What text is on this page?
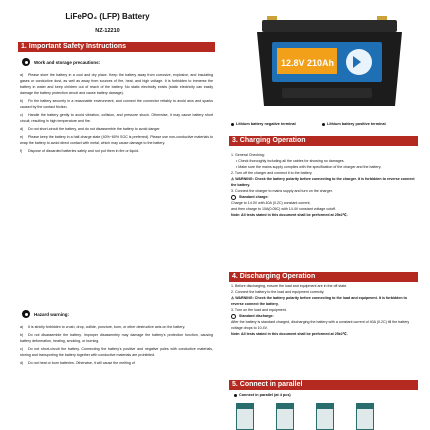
LiFePO₄ (LFP) Battery
NZ-12210
1. Important Safety Instructions
Work and storage precautions:
a) Please store the battery in a cool and dry place. Keep the battery away from corrosive, explosive, and insulating gases or conductive dust, as well as away from sources of fire, heat, and high voltage. It is forbidden to immerse the battery in water and keep children out of reach of the battery. No static electricity exists (static electricity can easily damage the battery protection circuit and cause battery damage).
b) Fix the battery securely in a reasonable environment, and connect the connector reliably to avoid arcs and sparks caused by the contact friction.
c) Handle the battery gently to avoid vibration, collision, and pressure shock. Otherwise, it may cause battery short circuit, resulting in high temperature and fire.
d) Do not short-circuit the battery, and do not disassemble the battery to avoid danger.
e) Please keep the battery in a half-charge state (40%~60% SOC is preferred). Please use non-conductive materials to wrap the battery to avoid direct contact with metal, which may cause damage to the battery.
f) Dispose of discarded batteries safely and not put them in fire or liquid.
Hazard warning:
a) It is strictly forbidden to crush, drop, collide, puncture, burn, or other destructive acts on the battery.
b) Do not disassemble the battery. Improper disassembly may damage the battery's protection function, causing battery deformation, heating, smoking, or burning.
c) Do not short-circuit the battery. Connecting the battery's positive and negative poles with conductive materials, storing and transporting the battery together with conductive materials are prohibited.
d) Do not heat or burn batteries. Otherwise, it will cause the melting of
12.8V 210Ah
Lithium battery negative terminal	Lithium battery positive terminal
3. Charging Operation
1. General Checking:
• Check thoroughly including all the cables for showing no damages.
• Make sure the mains supply complies with the specification of the charger and the battery.
2. Turn off the charger and connect it to the battery.
⚠ WARNING: Check the battery polarity before connecting to the charger. It is forbidden to reverse connect the battery.
3. Connect the charger to mains supply and turn on the charger.
Standard charge:
Charge to 14.0V with 40A (0.2C) constant current,
and then charge to 10A(0.05C) with 14.4V constant voltage cutoff.
Note: All tests stated in this document shall be performed at 25±2℃.
4. Discharging Operation
1. Before discharging, ensure the load and equipment are in the off state.
2. Connect the battery to the load and equipment correctly.
⚠ WARNING: Check the battery polarity before connecting to the load and equipment. It is forbidden to reverse connect the battery.
3. Turn on the load and equipment.
Standard discharge:
After the battery is standard charged, discharging the battery with a constant current of 40A (0.2C) till the battery voltage drops to 10.4V.
Note: All tests stated in this document shall be performed at 25±2℃.
5. Connect in parallel
Connect in parallel (at 4 pcs)
